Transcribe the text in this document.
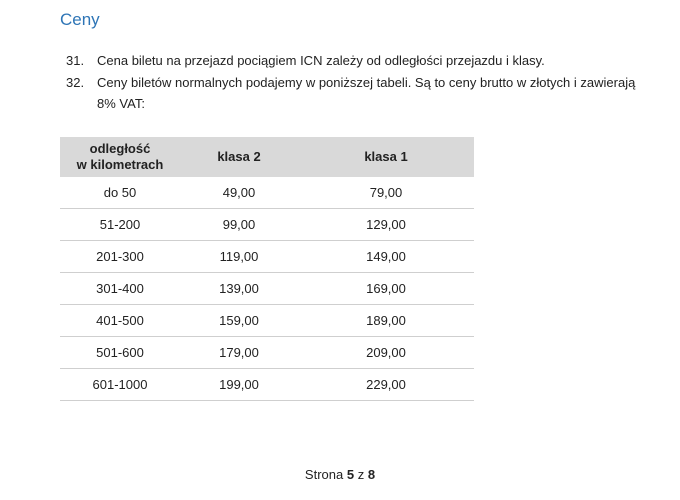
Ceny
31. Cena biletu na przejazd pociągiem ICN zależy od odległości przejazdu i klasy.
32. Ceny biletów normalnych podajemy w poniższej tabeli. Są to ceny brutto w złotych i zawierają 8% VAT:
odległość
w kilometrach	klasa 2	klasa 1
do 50	49,00	79,00
51-200	99,00	129,00
201-300	119,00	149,00
301-400	139,00	169,00
401-500	159,00	189,00
501-600	179,00	209,00
601-1000	199,00	229,00
Strona 5 z 8
